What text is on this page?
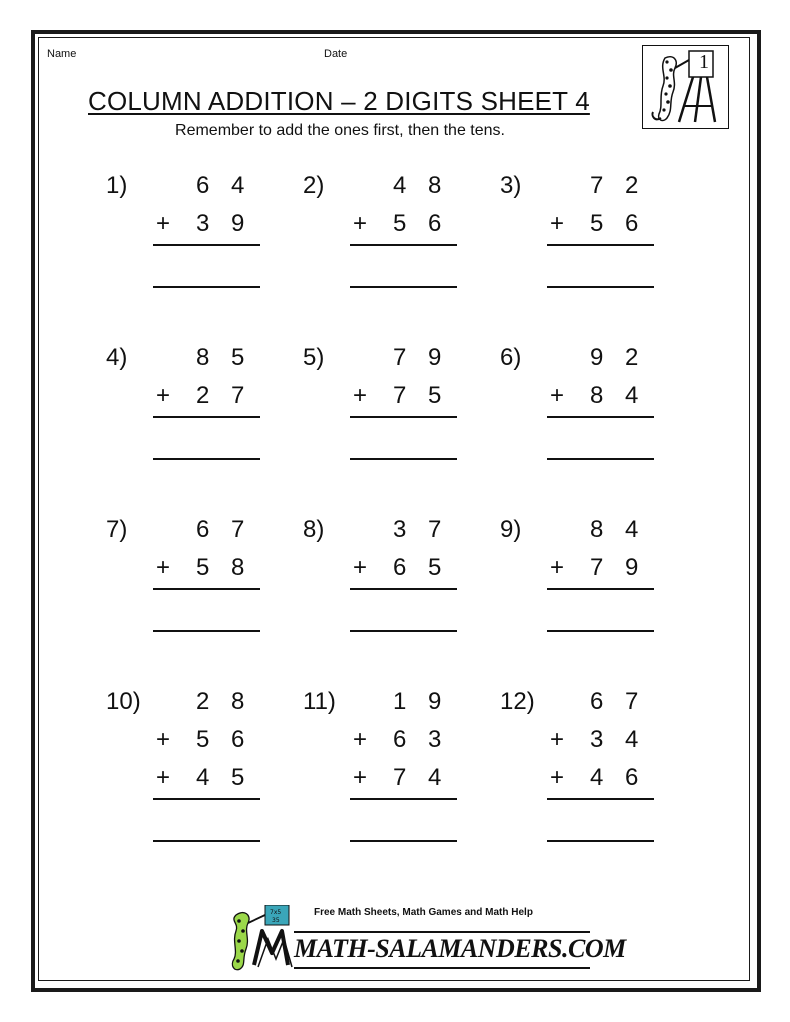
Name	Date
COLUMN ADDITION – 2 DIGITS SHEET 4
Remember to add the ones first, then the tens.
1
1)	6 4
+ 3 9
2)	4 8
+ 5 6
3)	7 2
+ 5 6
4)	8 5
+ 2 7
5)	7 9
+ 7 5
6)	9 2
+ 8 4
7)	6 7
+ 5 8
8)	3 7
+ 6 5
9)	8 4
+ 7 9
10) 2 8
+ 5 6
+ 4 5
11) 1 9
+ 6 3
+ 7 4
12) 6 7
+ 3 4
+ 4 6
7x5
35
MATH-SALAMANDERS.COM
Free Math Sheets, Math Games and Math Help
